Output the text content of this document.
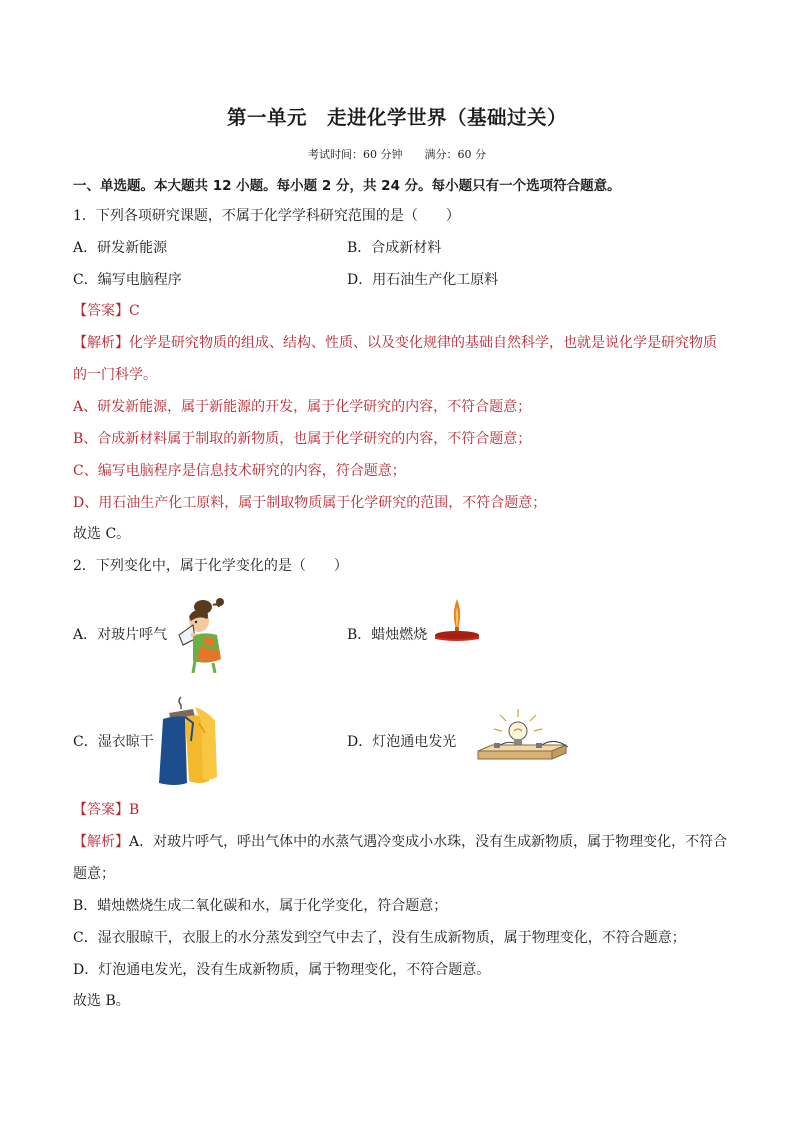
第一单元　走进化学世界（基础过关）
考试时间：60 分钟　　满分：60 分
一、单选题。本大题共 12 小题。每小题 2 分，共 24 分。每小题只有一个选项符合题意。
1．下列各项研究课题，不属于化学学科研究范围的是（　　）
A．研发新能源	B．合成新材料
C．编写电脑程序	D．用石油生产化工原料
【答案】C
【解析】化学是研究物质的组成、结构、性质、以及变化规律的基础自然科学，也就是说化学是研究物质
的一门科学。
A、研发新能源，属于新能源的开发，属于化学研究的内容，不符合题意；
B、合成新材料属于制取的新物质，也属于化学研究的内容，不符合题意；
C、编写电脑程序是信息技术研究的内容，符合题意；
D、用石油生产化工原料，属于制取物质属于化学研究的范围，不符合题意；
故选 C。
2．下列变化中，属于化学变化的是（　　）
A．对玻片呼气	B．蜡烛燃烧
C．湿衣晾干	D．灯泡通电发光
【答案】B
【解析】A．对玻片呼气，呼出气体中的水蒸气遇冷变成小水珠，没有生成新物质，属于物理变化，不符合
题意；
B．蜡烛燃烧生成二氧化碳和水，属于化学变化，符合题意；
C．湿衣服晾干，衣服上的水分蒸发到空气中去了，没有生成新物质，属于物理变化，不符合题意；
D．灯泡通电发光，没有生成新物质，属于物理变化，不符合题意。
故选 B。
